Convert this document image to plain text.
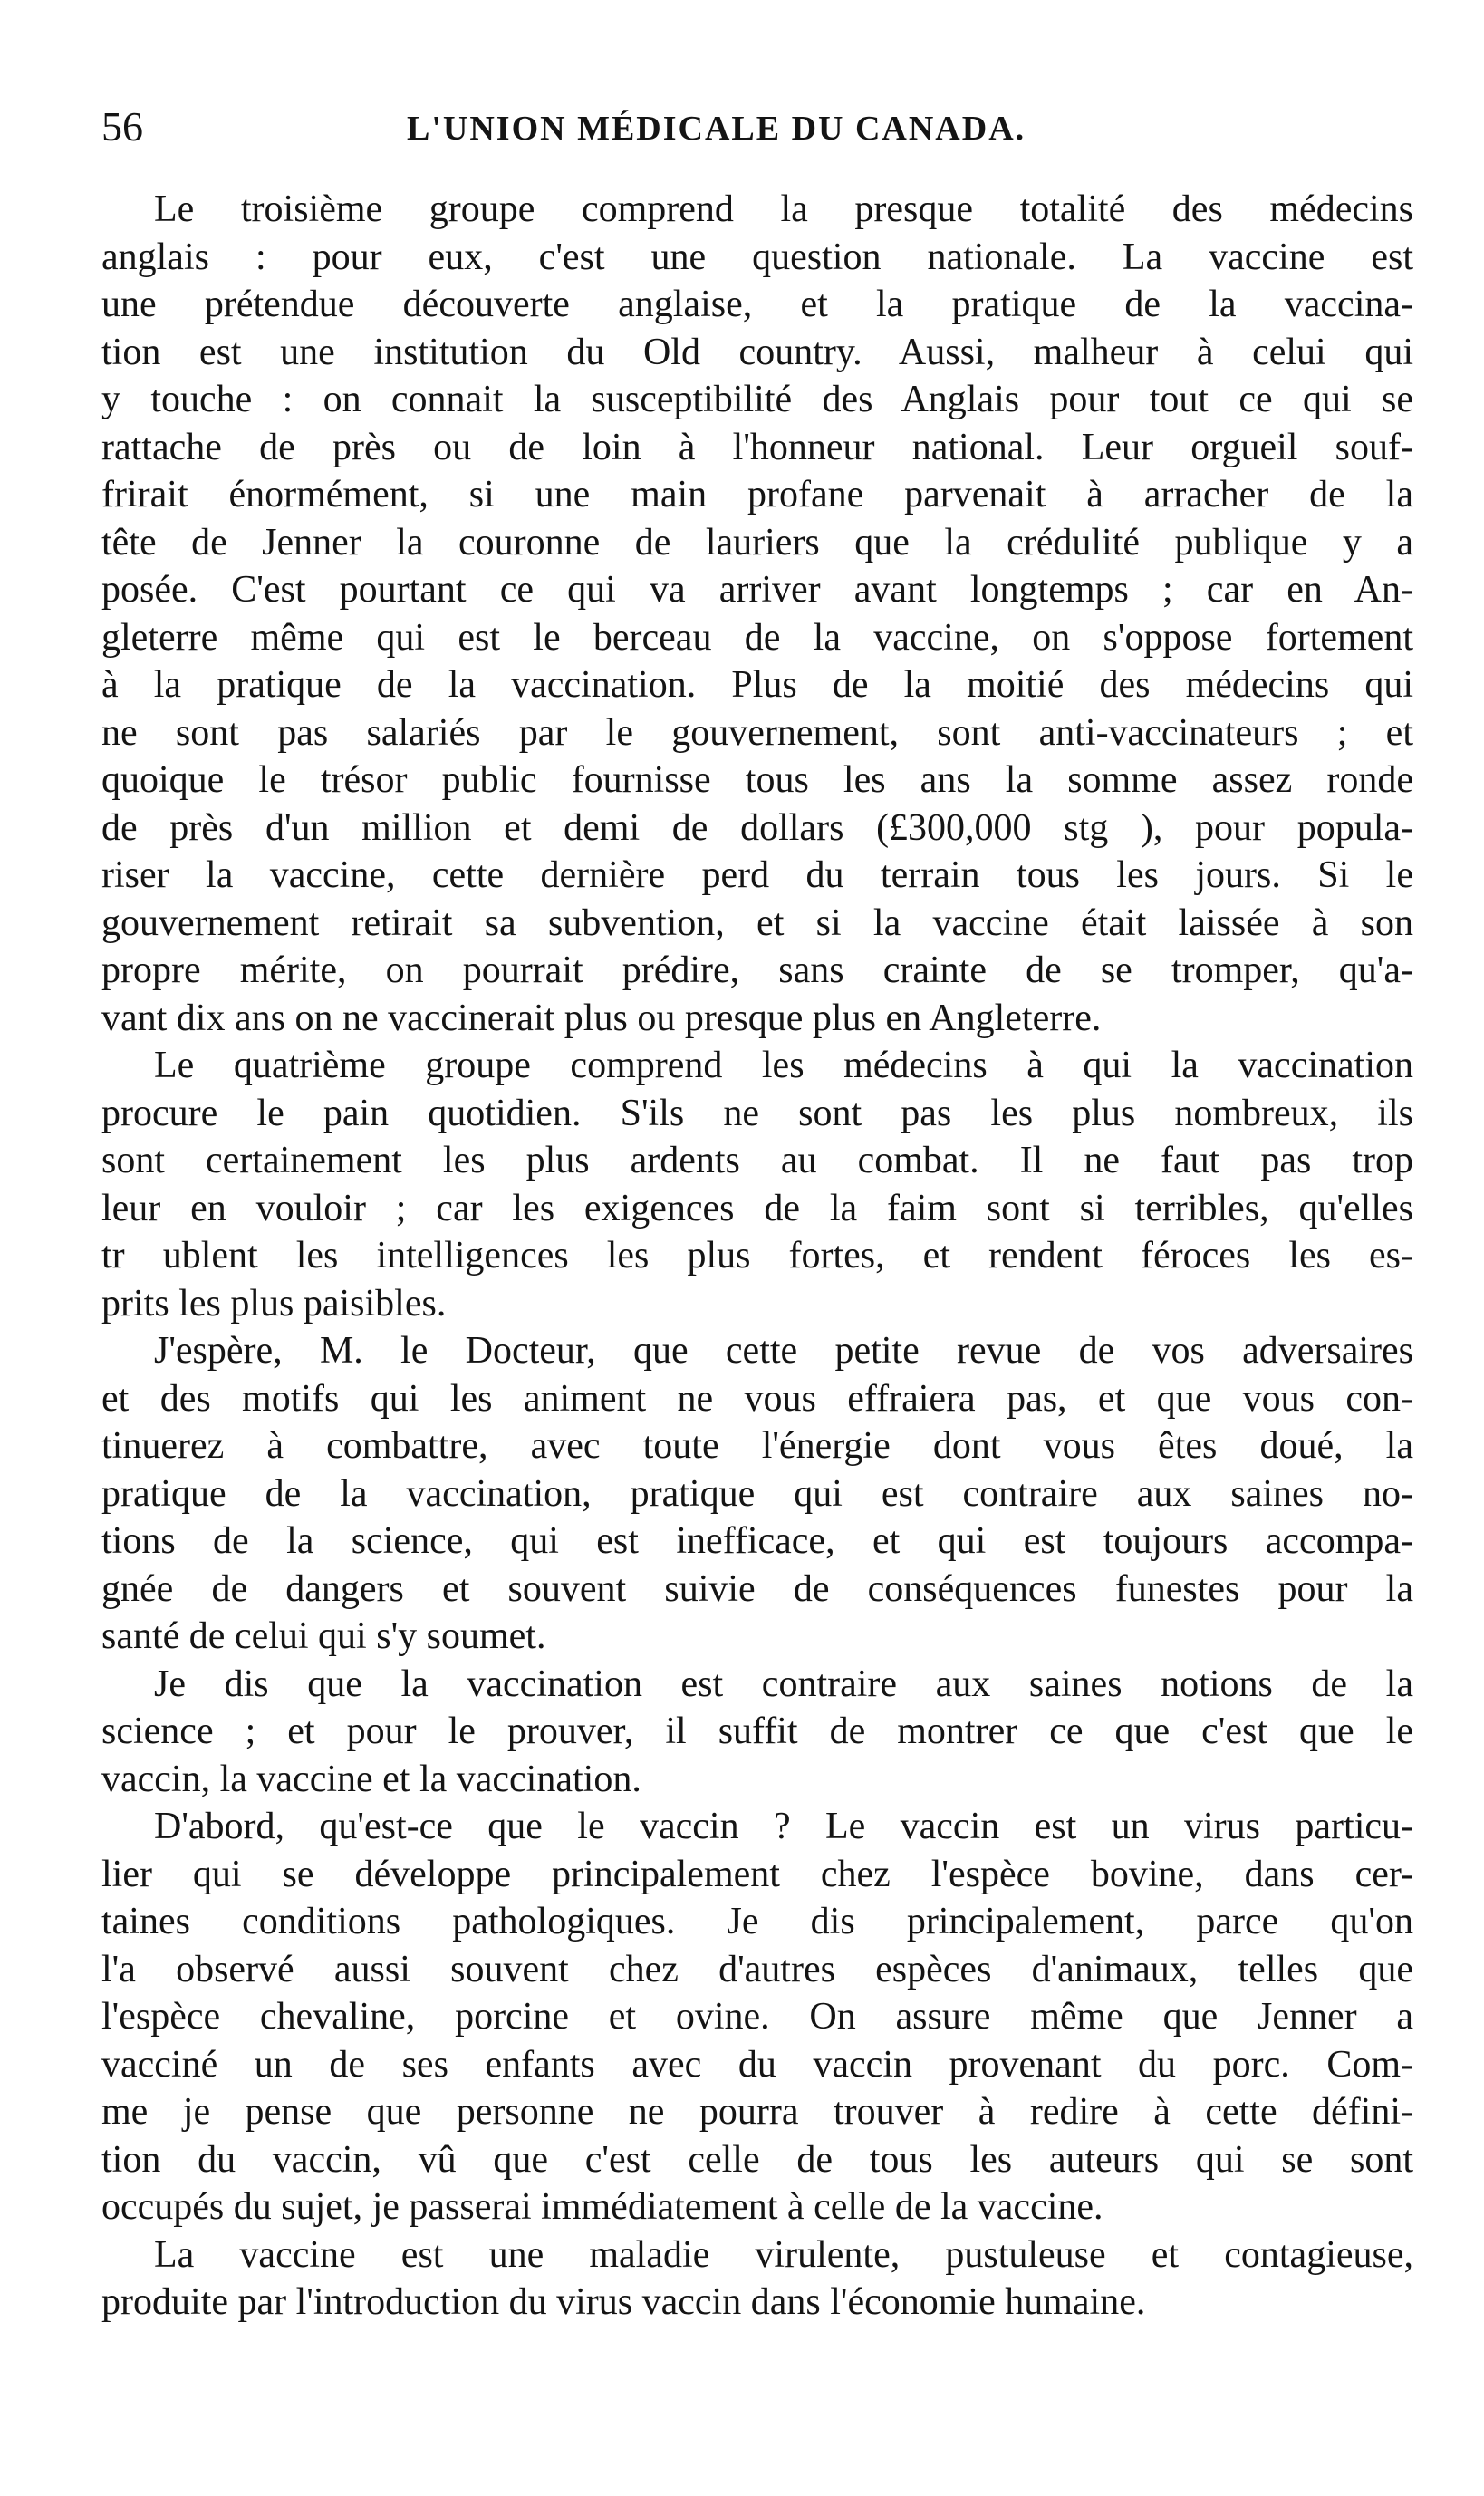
56	L'UNION MÉDICALE DU CANADA.
Le troisième groupe comprend la presque totalité des médecins
anglais : pour eux, c'est une question nationale. La vaccine est
une prétendue découverte anglaise, et la pratique de la vaccina-
tion est une institution du Old country. Aussi, malheur à celui qui
y touche : on connait la susceptibilité des Anglais pour tout ce qui se
rattache de près ou de loin à l'honneur national. Leur orgueil souf-
frirait énormément, si une main profane parvenait à arracher de la
tête de Jenner la couronne de lauriers que la crédulité publique y a
posée. C'est pourtant ce qui va arriver avant longtemps ; car en An-
gleterre même qui est le berceau de la vaccine, on s'oppose fortement
à la pratique de la vaccination. Plus de la moitié des médecins qui
ne sont pas salariés par le gouvernement, sont anti-vaccinateurs ; et
quoique le trésor public fournisse tous les ans la somme assez ronde
de près d'un million et demi de dollars (£300,000 stg ), pour popula-
riser la vaccine, cette dernière perd du terrain tous les jours. Si le
gouvernement retirait sa subvention, et si la vaccine était laissée à son
propre mérite, on pourrait prédire, sans crainte de se tromper, qu'a-
vant dix ans on ne vaccinerait plus ou presque plus en Angleterre.
Le quatrième groupe comprend les médecins à qui la vaccination
procure le pain quotidien. S'ils ne sont pas les plus nombreux, ils
sont certainement les plus ardents au combat. Il ne faut pas trop
leur en vouloir ; car les exigences de la faim sont si terribles, qu'elles
tr ublent les intelligences les plus fortes, et rendent féroces les es-
prits les plus paisibles.
J'espère, M. le Docteur, que cette petite revue de vos adversaires
et des motifs qui les animent ne vous effraiera pas, et que vous con-
tinuerez à combattre, avec toute l'énergie dont vous êtes doué, la
pratique de la vaccination, pratique qui est contraire aux saines no-
tions de la science, qui est inefficace, et qui est toujours accompa-
gnée de dangers et souvent suivie de conséquences funestes pour la
santé de celui qui s'y soumet.
Je dis que la vaccination est contraire aux saines notions de la
science ; et pour le prouver, il suffit de montrer ce que c'est que le
vaccin, la vaccine et la vaccination.
D'abord, qu'est-ce que le vaccin ? Le vaccin est un virus particu-
lier qui se développe principalement chez l'espèce bovine, dans cer-
taines conditions pathologiques. Je dis principalement, parce qu'on
l'a observé aussi souvent chez d'autres espèces d'animaux, telles que
l'espèce chevaline, porcine et ovine. On assure même que Jenner a
vacciné un de ses enfants avec du vaccin provenant du porc. Com-
me je pense que personne ne pourra trouver à redire à cette défini-
tion du vaccin, vû que c'est celle de tous les auteurs qui se sont
occupés du sujet, je passerai immédiatement à celle de la vaccine.
La vaccine est une maladie virulente, pustuleuse et contagieuse,
produite par l'introduction du virus vaccin dans l'économie humaine.
